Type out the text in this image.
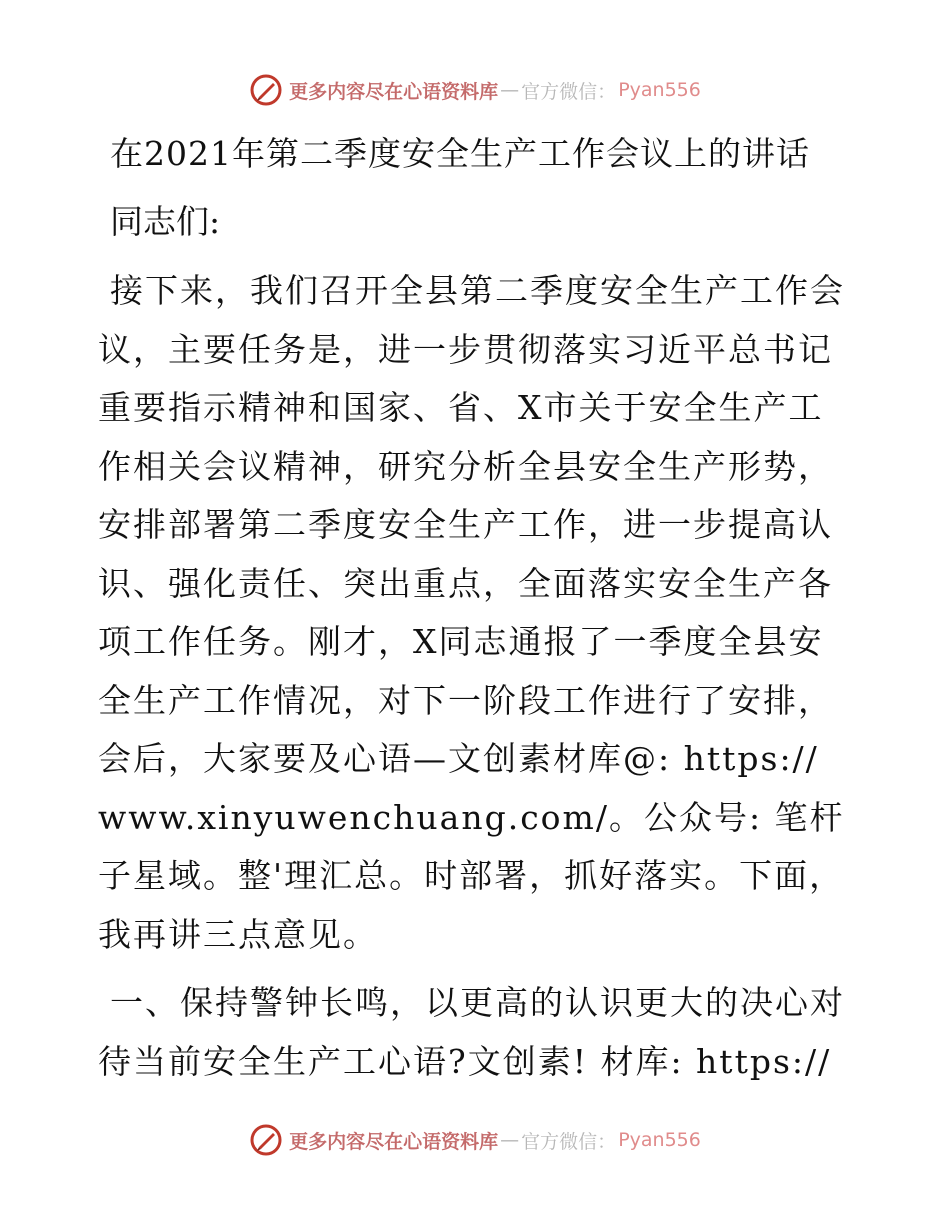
更多内容尽在心语资料库 — 官方微信： Pyan556
在2021年第二季度安全生产工作会议上的讲话
同志们:

接下来，我们召开全县第二季度安全生产工作会议，主要任务是，进一步贯彻落实习近平总书记重要指示精神和国家、省、X市关于安全生产工作相关会议精神，研究分析全县安全生产形势，安排部署第二季度安全生产工作，进一步提高认识、强化责任、突出重点，全面落实安全生产各项工作任务。刚才，X同志通报了一季度全县安全生产工作情况，对下一阶段工作进行了安排，会后，大家要及心语—文创素材库@: https:// www.xinyuwenchuang.com/。公众号: 笔杆子星域。整'理汇总。时部署，抓好落实。下面，我再讲三点意见。

一、保持警钟长鸣，以更高的认识更大的决心对待当前安全生产工心语?文创素! 材库: https://

更多内容尽在心语资料库 — 官方微信： Pyan556
